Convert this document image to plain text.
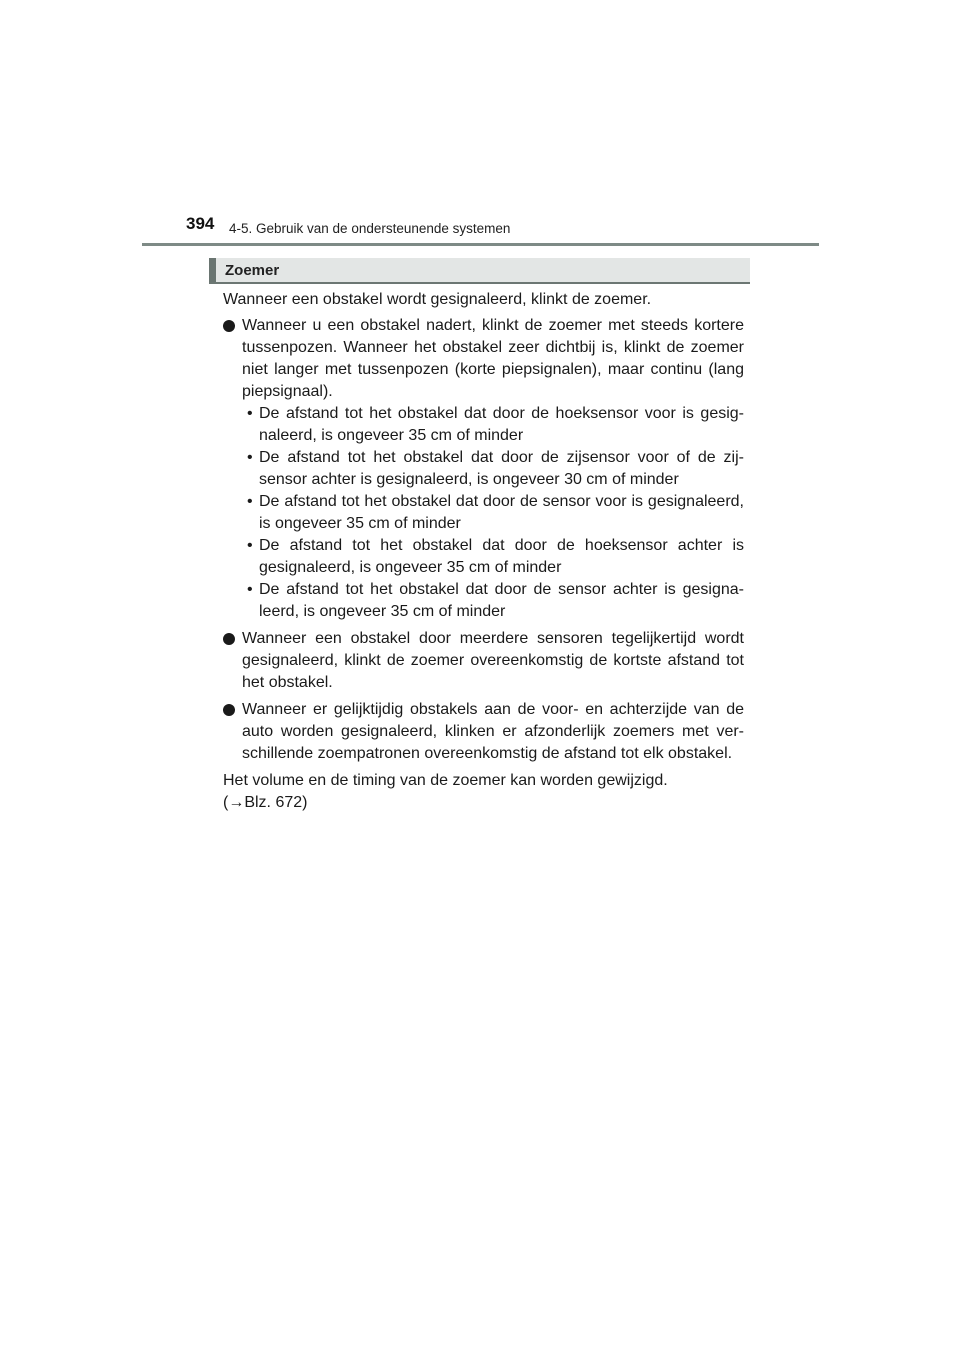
394 4-5. Gebruik van de ondersteunende systemen
Zoemer

Wanneer een obstakel wordt gesignaleerd, klinkt de zoemer.

Wanneer u een obstakel nadert, klinkt de zoemer met steeds kortere tussenpozen. Wanneer het obstakel zeer dichtbij is, klinkt de zoemer niet langer met tussenpozen (korte piepsignalen), maar continu (lang piepsignaal).

• De afstand tot het obstakel dat door de hoeksensor voor is gesignaleerd, is ongeveer 35 cm of minder
• De afstand tot het obstakel dat door de zijsensor voor of de zijsensor achter is gesignaleerd, is ongeveer 30 cm of minder
• De afstand tot het obstakel dat door de sensor voor is gesignaleerd, is ongeveer 35 cm of minder
• De afstand tot het obstakel dat door de hoeksensor achter is gesignaleerd, is ongeveer 35 cm of minder
• De afstand tot het obstakel dat door de sensor achter is gesignaleerd, is ongeveer 35 cm of minder

Wanneer een obstakel door meerdere sensoren tegelijkertijd wordt gesignaleerd, klinkt de zoemer overeenkomstig de kortste afstand tot het obstakel.

Wanneer er gelijktijdig obstakels aan de voor- en achterzijde van de auto worden gesignaleerd, klinken er afzonderlijk zoemers met verschillende zoempatronen overeenkomstig de afstand tot elk obstakel.

Het volume en de timing van de zoemer kan worden gewijzigd.

(→Blz. 672)
